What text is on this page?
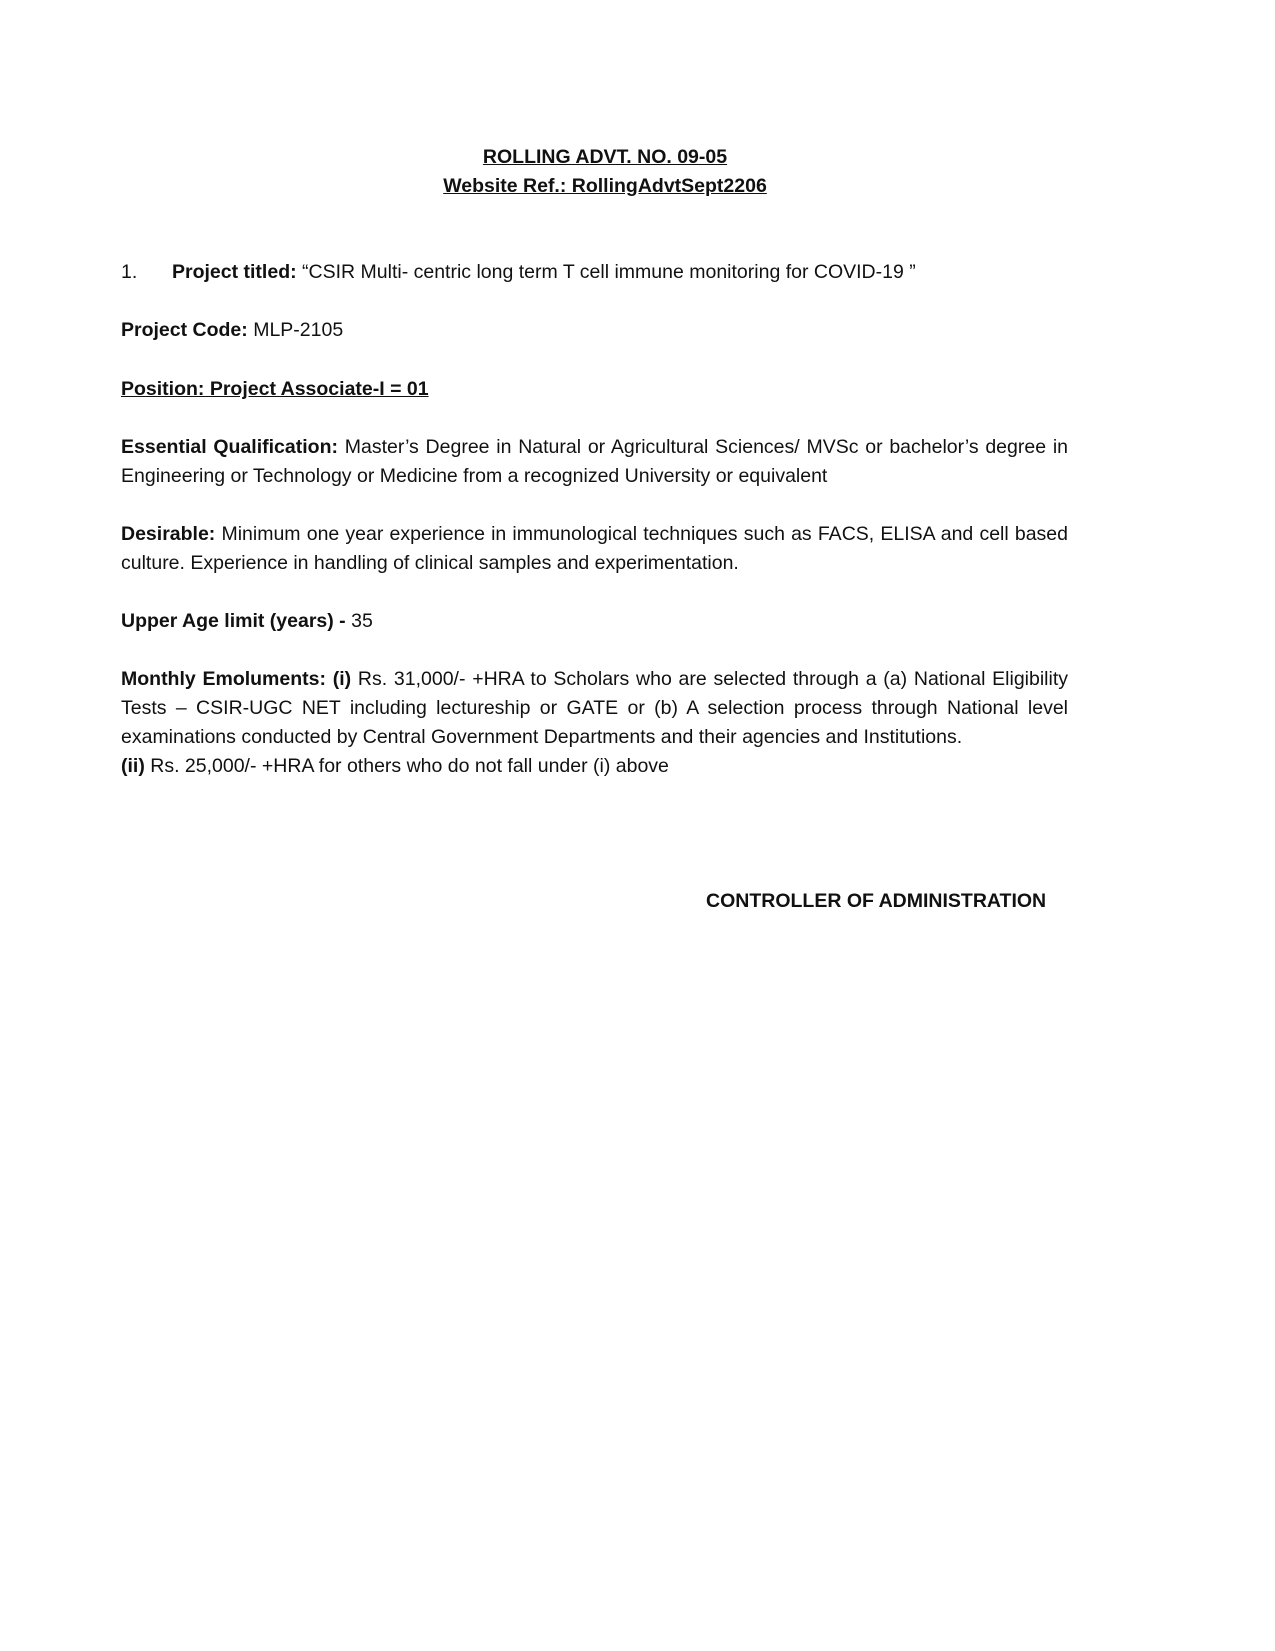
ROLLING ADVT. NO. 09-05
Website Ref.: RollingAdvtSept2206
1. Project titled: “CSIR Multi- centric long term T cell immune monitoring for COVID-19 ”
Project Code: MLP-2105
Position: Project Associate-I = 01
Essential Qualification: Master’s Degree in Natural or Agricultural Sciences/ MVSc or bachelor’s degree in Engineering or Technology or Medicine from a recognized University or equivalent
Desirable: Minimum one year experience in immunological techniques such as FACS, ELISA and cell based culture. Experience in handling of clinical samples and experimentation.
Upper Age limit (years) - 35
Monthly Emoluments: (i) Rs. 31,000/- +HRA to Scholars who are selected through a (a) National Eligibility Tests – CSIR-UGC NET including lectureship or GATE or (b) A selection process through National level examinations conducted by Central Government Departments and their agencies and Institutions.
(ii) Rs. 25,000/- +HRA for others who do not fall under (i) above
CONTROLLER OF ADMINISTRATION
